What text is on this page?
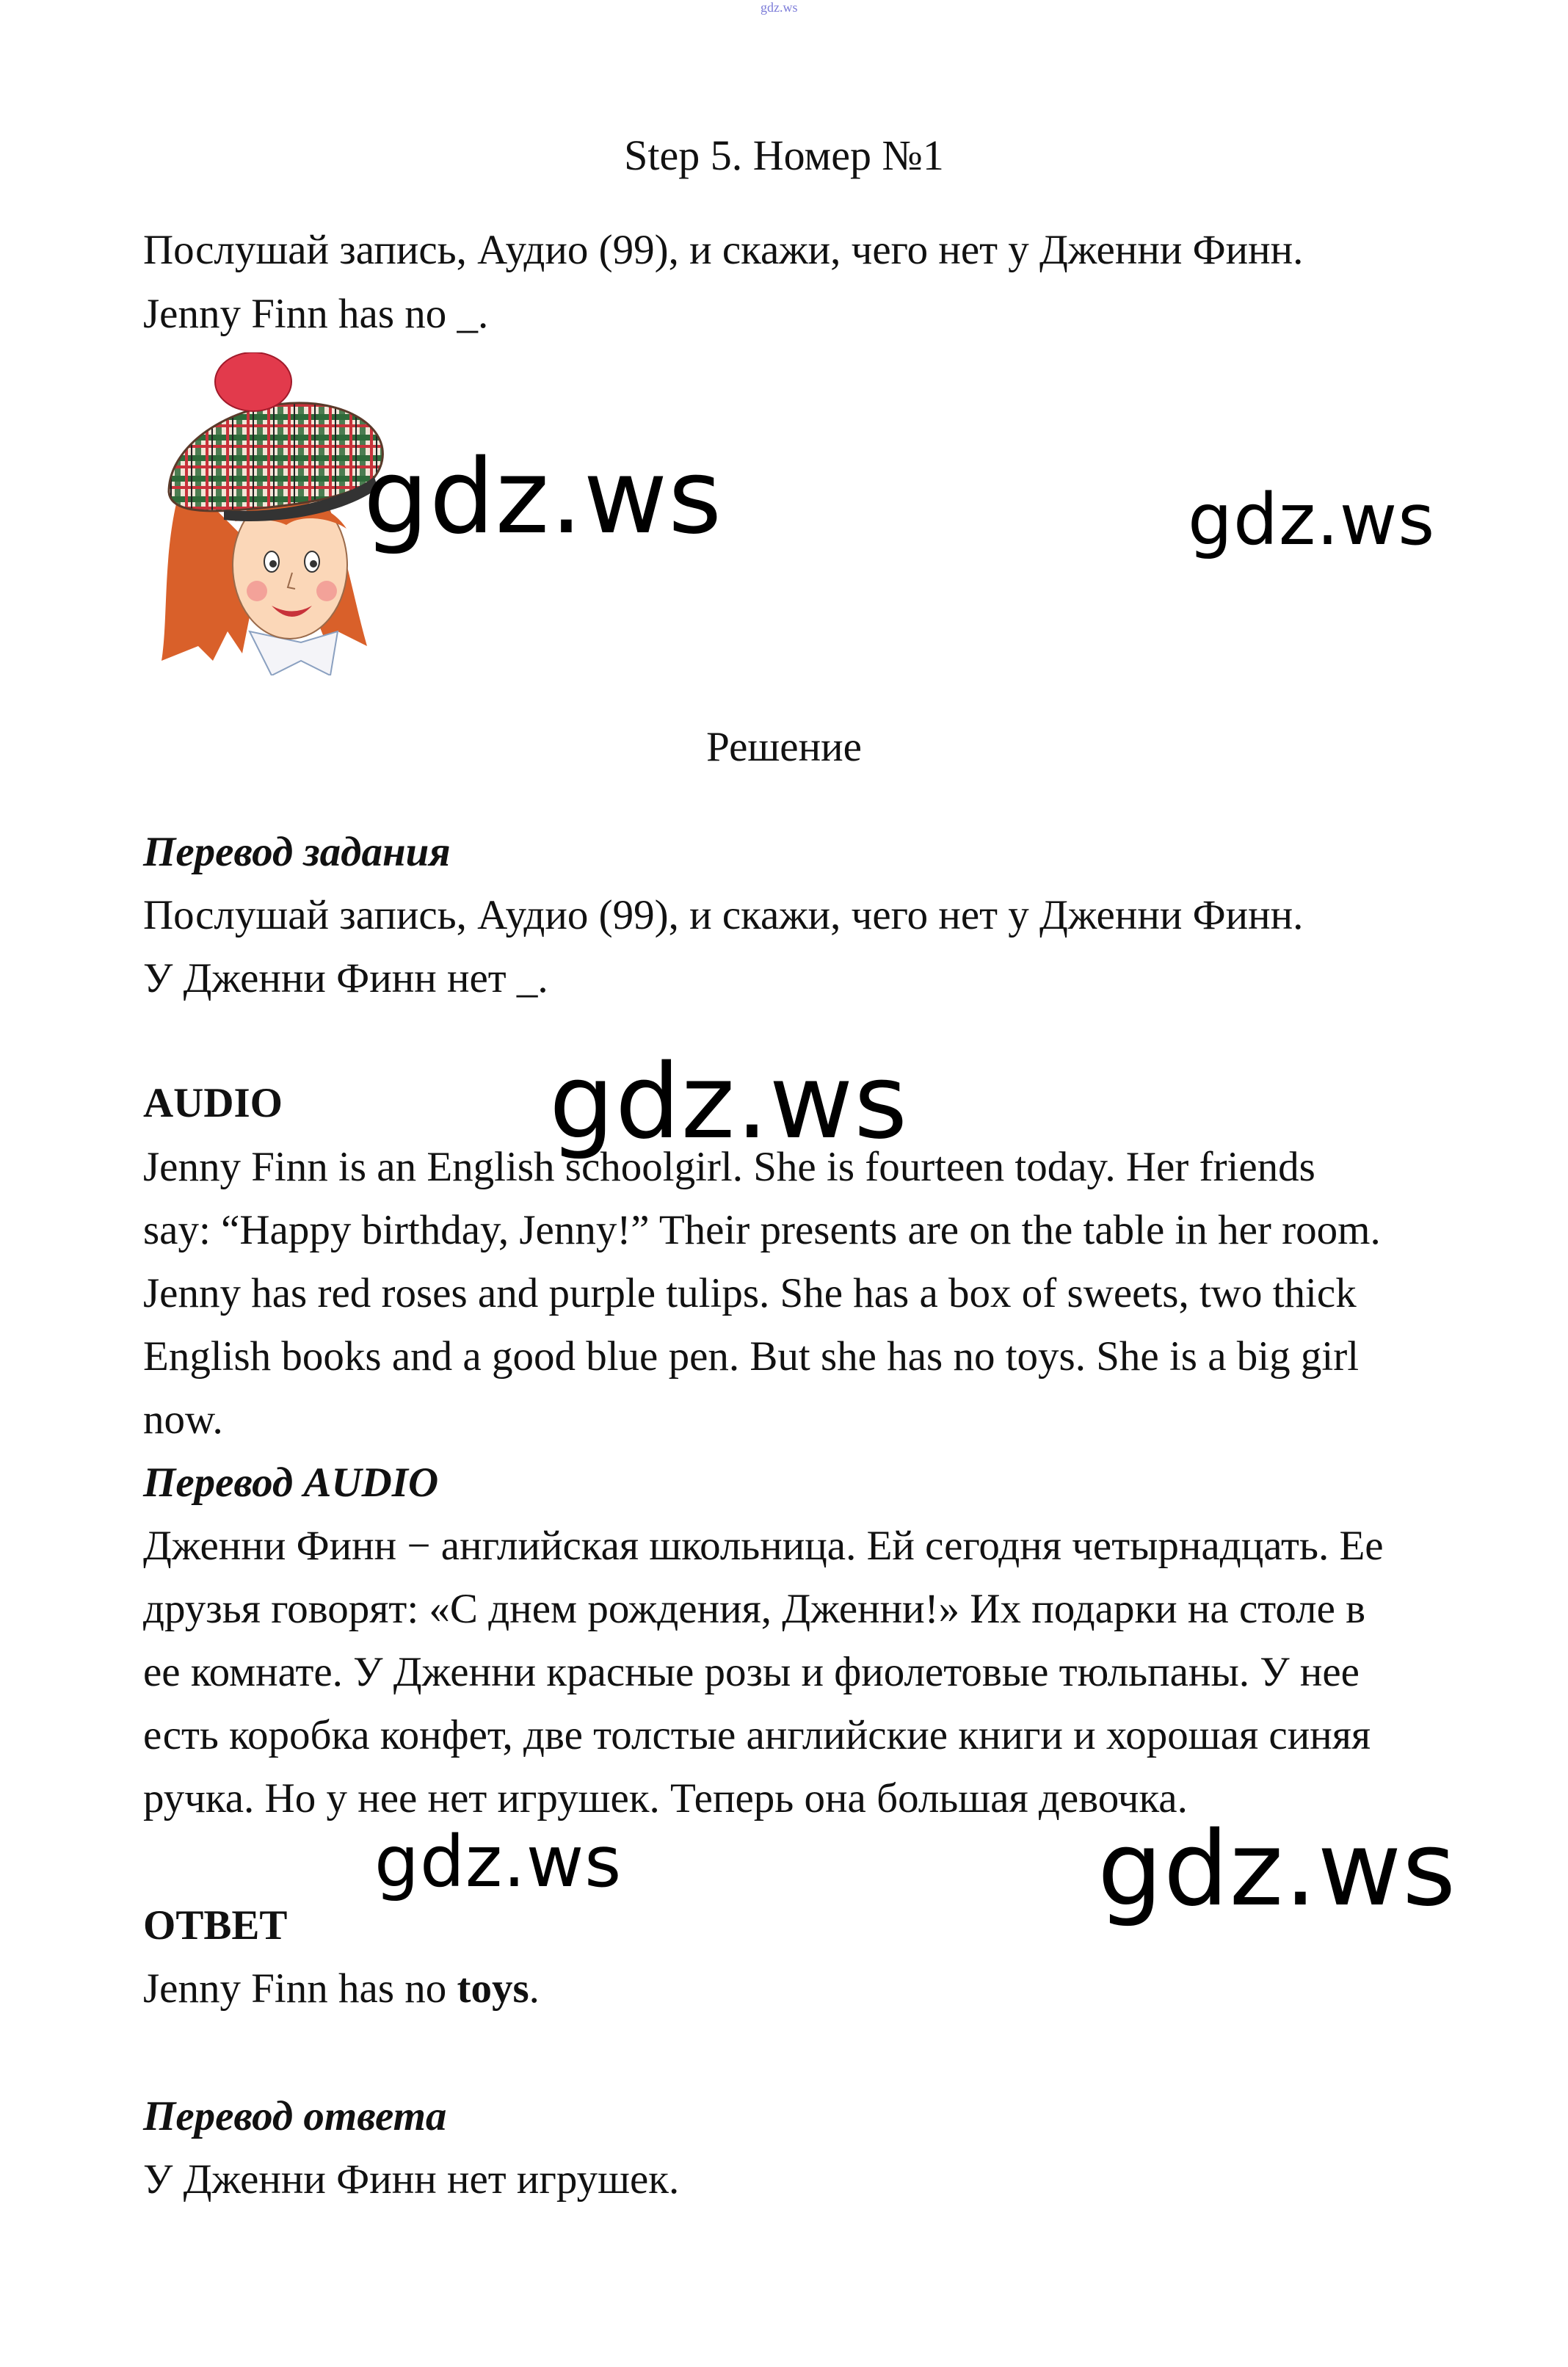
gdz.ws
Step 5. Номер №1
Послушай запись, Аудио (99), и скажи, чего нет у Дженни Финн.
Jenny Finn has no _.
gdz.ws	gdz.ws
Решение
Перевод задания
Послушай запись, Аудио (99), и скажи, чего нет у Дженни Финн.
У Дженни Финн нет _.
AUDIO	gdz.ws
Jenny Finn is an English schoolgirl. She is fourteen today. Her friends
say: “Happy birthday, Jenny!” Their presents are on the table in her room.
Jenny has red roses and purple tulips. She has a box of sweets, two thick
English books and a good blue pen. But she has no toys. She is a big girl
now.
Перевод AUDIO
Дженни Финн − английская школьница. Ей сегодня четырнадцать. Ее
друзья говорят: «С днем рождения, Дженни!» Их подарки на столе в
ее комнате. У Дженни красные розы и фиолетовые тюльпаны. У нее
есть коробка конфет, две толстые английские книги и хорошая синяя
ручка. Но у нее нет игрушек. Теперь она большая девочка.
gdz.ws	gdz.ws
ОТВЕТ
Jenny Finn has no toys.
Перевод ответа
У Дженни Финн нет игрушек.
